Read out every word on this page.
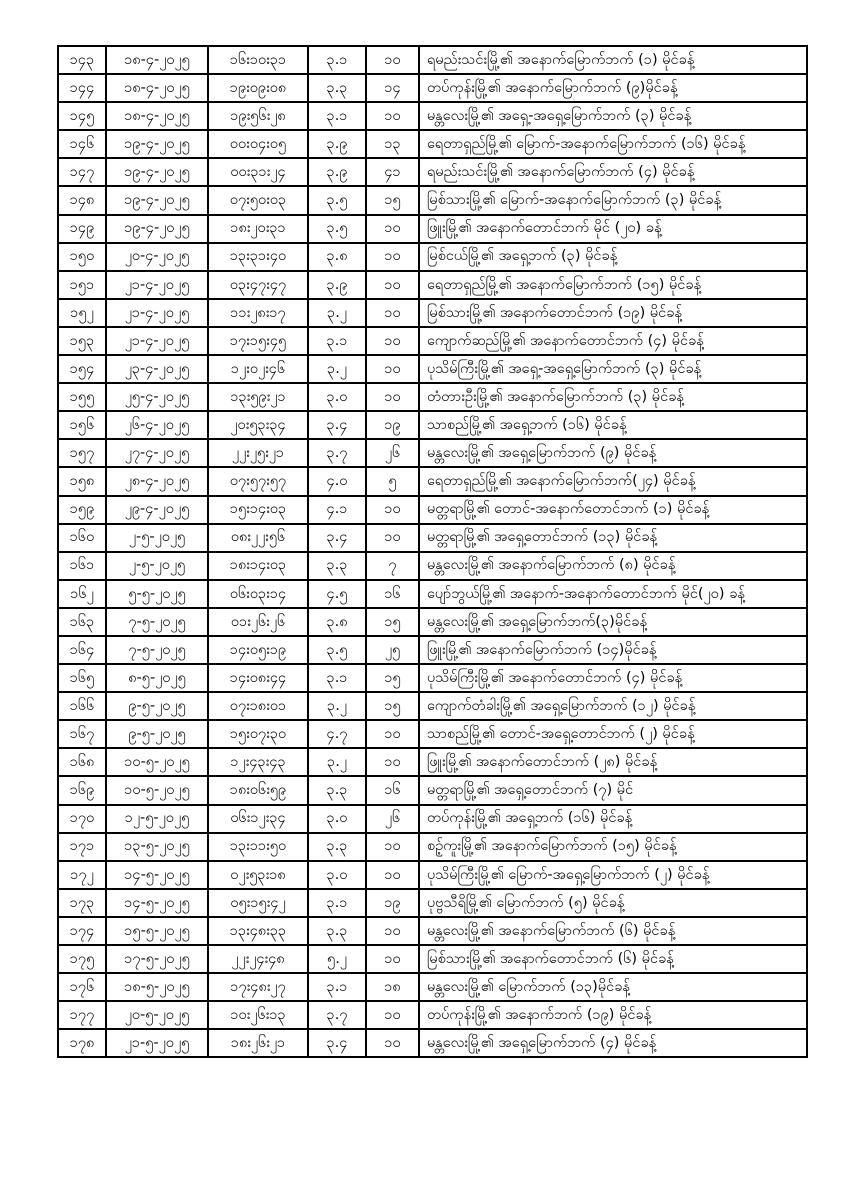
၁၄၃	၁၈-၄-၂၀၂၅	၁၆း၁၀း၃၁	၃.၁	၁၀	ရမည်းသင်းမြို့၏ အနောက်မြောက်ဘက် (၁) မိုင်ခန့်
၁၄၄	၁၈-၄-၂၀၂၅	၁၉း၀၉း၀၈	၃.၃	၁၄	တပ်ကုန်းမြို့၏ အနောက်မြောက်ဘက် (၉)မိုင်ခန့်
၁၄၅	၁၈-၄-၂၀၂၅	၁၉း၅၆း၂၈	၃.၁	၁၀	မန္တလေးမြို့၏ အရှေ့-အရှေ့မြောက်ဘက် (၃) မိုင်ခန့်
၁၄၆	၁၉-၄-၂၀၂၅	၀၀း၀၄း၀၅	၃.၉	၁၃	ရေတာရှည်မြို့၏ မြောက်-အနောက်မြောက်ဘက် (၁၆) မိုင်ခန့်
၁၄၇	၁၉-၄-၂၀၂၅	၀၀း၃၁း၂၄	၃.၉	၄၁	ရမည်းသင်းမြို့၏ အနောက်မြောက်ဘက် (၄) မိုင်ခန့်
၁၄၈	၁၉-၄-၂၀၂၅	၀၇း၅၀း၀၃	၃.၅	၁၅	မြစ်သားမြို့၏ မြောက်-အနောက်မြောက်ဘက် (၃) မိုင်ခန့်
၁၄၉	၁၉-၄-၂၀၂၅	၁၈း၂၀း၃၁	၃.၅	၁၀	ဖြူးမြို့၏ အနောက်တောင်ဘက် မိုင် (၂၀) ခန့်
၁၅၀	၂၀-၄-၂၀၂၅	၁၃း၃၁း၄၀	၃.၈	၁၀	မြစ်ငယ်မြို့၏ အရှေ့ဘက် (၃) မိုင်ခန့်
၁၅၁	၂၁-၄-၂၀၂၅	၀၃း၄၇း၄၇	၃.၉	၁၀	ရေတာရှည်မြို့၏ အနောက်မြောက်ဘက် (၁၅) မိုင်ခန့်
၁၅၂	၂၁-၄-၂၀၂၅	၁၁း၂၈း၁၇	၃.၂	၁၀	မြစ်သားမြို့၏ အနောက်တောင်ဘက် (၁၉) မိုင်ခန့်
၁၅၃	၂၁-၄-၂၀၂၅	၁၇း၁၅း၄၅	၃.၁	၁၀	ကျောက်ဆည်မြို့၏ အနောက်တောင်ဘက် (၄) မိုင်ခန့်
၁၅၄	၂၃-၄-၂၀၂၅	၁၂း၀၂း၄၆	၃.၂	၁၀	ပုသိမ်ကြီးမြို့၏ အရှေ့-အရှေ့မြောက်ဘက် (၃) မိုင်ခန့်
၁၅၅	၂၅-၄-၂၀၂၅	၁၃း၅၉း၂၁	၃.၀	၁၀	တံတားဦးမြို့၏ အနောက်မြောက်ဘက် (၃) မိုင်ခန့်
၁၅၆	၂၆-၄-၂၀၂၅	၂၀း၅၃း၃၄	၃.၄	၁၉	သာစည်မြို့၏ အရှေ့ဘက် (၁၆) မိုင်ခန့်
၁၅၇	၂၇-၄-၂၀၂၅	၂၂း၂၅း၂၁	၃.၇	၂၆	မန္တလေးမြို့၏ အရှေ့မြောက်ဘက် (၉) မိုင်ခန့်
၁၅၈	၂၈-၄-၂၀၂၅	၀၇း၅၇း၅၇	၄.၀	၅	ရေတာရှည်မြို့၏ အနောက်မြောက်ဘက်(၂၄) မိုင်ခန့်
၁၅၉	၂၉-၄-၂၀၂၅	၁၅း၁၄း၀၃	၄.၁	၁၀	မတ္တရာမြို့၏ တောင်-အနောက်တောင်ဘက် (၁) မိုင်ခန့်
၁၆၀	၂-၅-၂၀၂၅	၀၈း၂၂း၅၆	၃.၄	၁၀	မတ္တရာမြို့၏ အရှေ့တောင်ဘက် (၁၃) မိုင်ခန့်
၁၆၁	၂-၅-၂၀၂၅	၁၈း၁၄း၀၃	၃.၃	၇	မန္တလေးမြို့၏ အနောက်မြောက်ဘက် (၈) မိုင်ခန့်
၁၆၂	၅-၅-၂၀၂၅	၀၆း၀၃း၁၄	၄.၅	၁၆	ပျော်ဘွယ်မြို့၏ အနောက်-အနောက်တောင်ဘက် မိုင်(၂၀) ခန့်
၁၆၃	၇-၅-၂၀၂၅	၀၁း၂၆း၂၆	၃.၈	၁၅	မန္တလေးမြို့၏ အရှေ့မြောက်ဘက်(၃)မိုင်ခန့်
၁၆၄	၇-၅-၂၀၂၅	၁၄း၀၅း၁၉	၃.၅	၂၅	ဖြူးမြို့၏ အနောက်မြောက်ဘက် (၁၄)မိုင်ခန့်
၁၆၅	၈-၅-၂၀၂၅	၁၄း၀၈း၄၄	၃.၁	၁၅	ပုသိမ်ကြီးမြို့၏ အနောက်တောင်ဘက် (၄) မိုင်ခန့်
၁၆၆	၉-၅-၂၀၂၅	၀၇း၁၈း၀၁	၃.၂	၁၅	ကျောက်တံခါးမြို့၏ အရှေ့မြောက်ဘက် (၁၂) မိုင်ခန့်
၁၆၇	၉-၅-၂၀၂၅	၁၅း၀၇း၃၀	၄.၇	၁၀	သာစည်မြို့၏ တောင်-အရှေ့တောင်ဘက် (၂) မိုင်ခန့်
၁၆၈	၁၀-၅-၂၀၂၅	၁၂း၄၃း၄၃	၃.၂	၁၀	ဖြူးမြို့၏ အနောက်တောင်ဘက် (၂၈) မိုင်ခန့်
၁၆၉	၁၀-၅-၂၀၂၅	၁၈း၀၆း၅၉	၃.၃	၁၆	မတ္တရာမြို့၏ အရှေ့တောင်ဘက် (၇) မိုင်
၁၇၀	၁၂-၅-၂၀၂၅	၀၆း၁၂း၃၄	၃.၀	၂၆	တပ်ကုန်းမြို့၏ အရှေ့ဘက် (၁၆) မိုင်ခန့်
၁၇၁	၁၃-၅-၂၀၂၅	၁၃း၁၁း၅၀	၃.၃	၁၀	စဉ့်ကူးမြို့၏ အနောက်မြောက်ဘက် (၁၅) မိုင်ခန့်
၁၇၂	၁၄-၅-၂၀၂၅	၀၂း၅၃း၁၈	၃.၀	၁၀	ပုသိမ်ကြီးမြို့၏ မြောက်-အရှေ့မြောက်ဘက် (၂) မိုင်ခန့်
၁၇၃	၁၄-၅-၂၀၂၅	၀၅း၁၅း၄၂	၃.၁	၁၉	ပုဗ္ဗသီရိမြို့၏ မြောက်ဘက် (၅) မိုင်ခန့်
၁၇၄	၁၅-၅-၂၀၂၅	၁၃း၄၈း၃၃	၃.၃	၁၀	မန္တလေးမြို့၏ အနောက်မြောက်ဘက် (၆) မိုင်ခန့်
၁၇၅	၁၇-၅-၂၀၂၅	၂၂း၂၄း၄၈	၅.၂	၁၀	မြစ်သားမြို့၏ အနောက်တောင်ဘက် (၆) မိုင်ခန့်
၁၇၆	၁၈-၅-၂၀၂၅	၁၇း၄၈း၂၇	၃.၁	၁၈	မန္တလေးမြို့၏ မြောက်ဘက် (၁၃)မိုင်ခန့်
၁၇၇	၂၀-၅-၂၀၂၅	၁၀း၂၆း၁၃	၃.၇	၁၀	တပ်ကုန်းမြို့၏ အနောက်ဘက် (၁၉) မိုင်ခန့်
၁၇၈	၂၁-၅-၂၀၂၅	၁၈း၂၆း၂၁	၃.၄	၁၀	မန္တလေးမြို့၏ အရှေ့မြောက်ဘက် (၄) မိုင်ခန့်
